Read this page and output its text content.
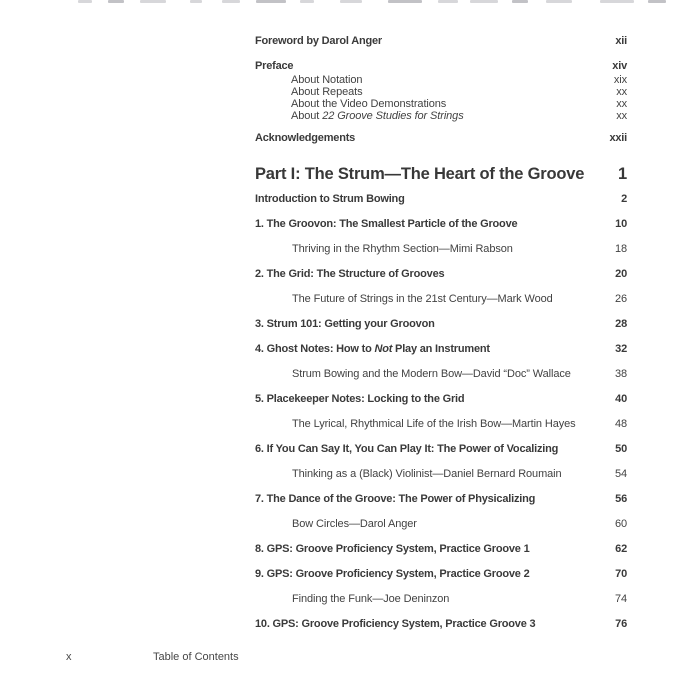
Foreword by Darol Anger	xii
Preface	xiv
About Notation	xix
About Repeats	xx
About the Video Demonstrations	xx
About 22 Groove Studies for Strings	xx
Acknowledgements	xxii
Part I: The Strum—The Heart of the Groove 1
Introduction to Strum Bowing	2
1. The Groovon: The Smallest Particle of the Groove	10
Thriving in the Rhythm Section—Mimi Rabson	18
2. The Grid: The Structure of Grooves	20
The Future of Strings in the 21st Century—Mark Wood	26
3. Strum 101: Getting your Groovon	28
4. Ghost Notes: How to Not Play an Instrument	32
Strum Bowing and the Modern Bow—David “Doc” Wallace	38
5. Placekeeper Notes: Locking to the Grid	40
The Lyrical, Rhythmical Life of the Irish Bow—Martin Hayes	48
6. If You Can Say It, You Can Play It: The Power of Vocalizing	50
Thinking as a (Black) Violinist—Daniel Bernard Roumain	54
7. The Dance of the Groove: The Power of Physicalizing	56
Bow Circles—Darol Anger	60
8. GPS: Groove Proficiency System, Practice Groove 1	62
9. GPS: Groove Proficiency System, Practice Groove 2	70
Finding the Funk—Joe Deninzon	74
10. GPS: Groove Proficiency System, Practice Groove 3	76
x	Table of Contents
